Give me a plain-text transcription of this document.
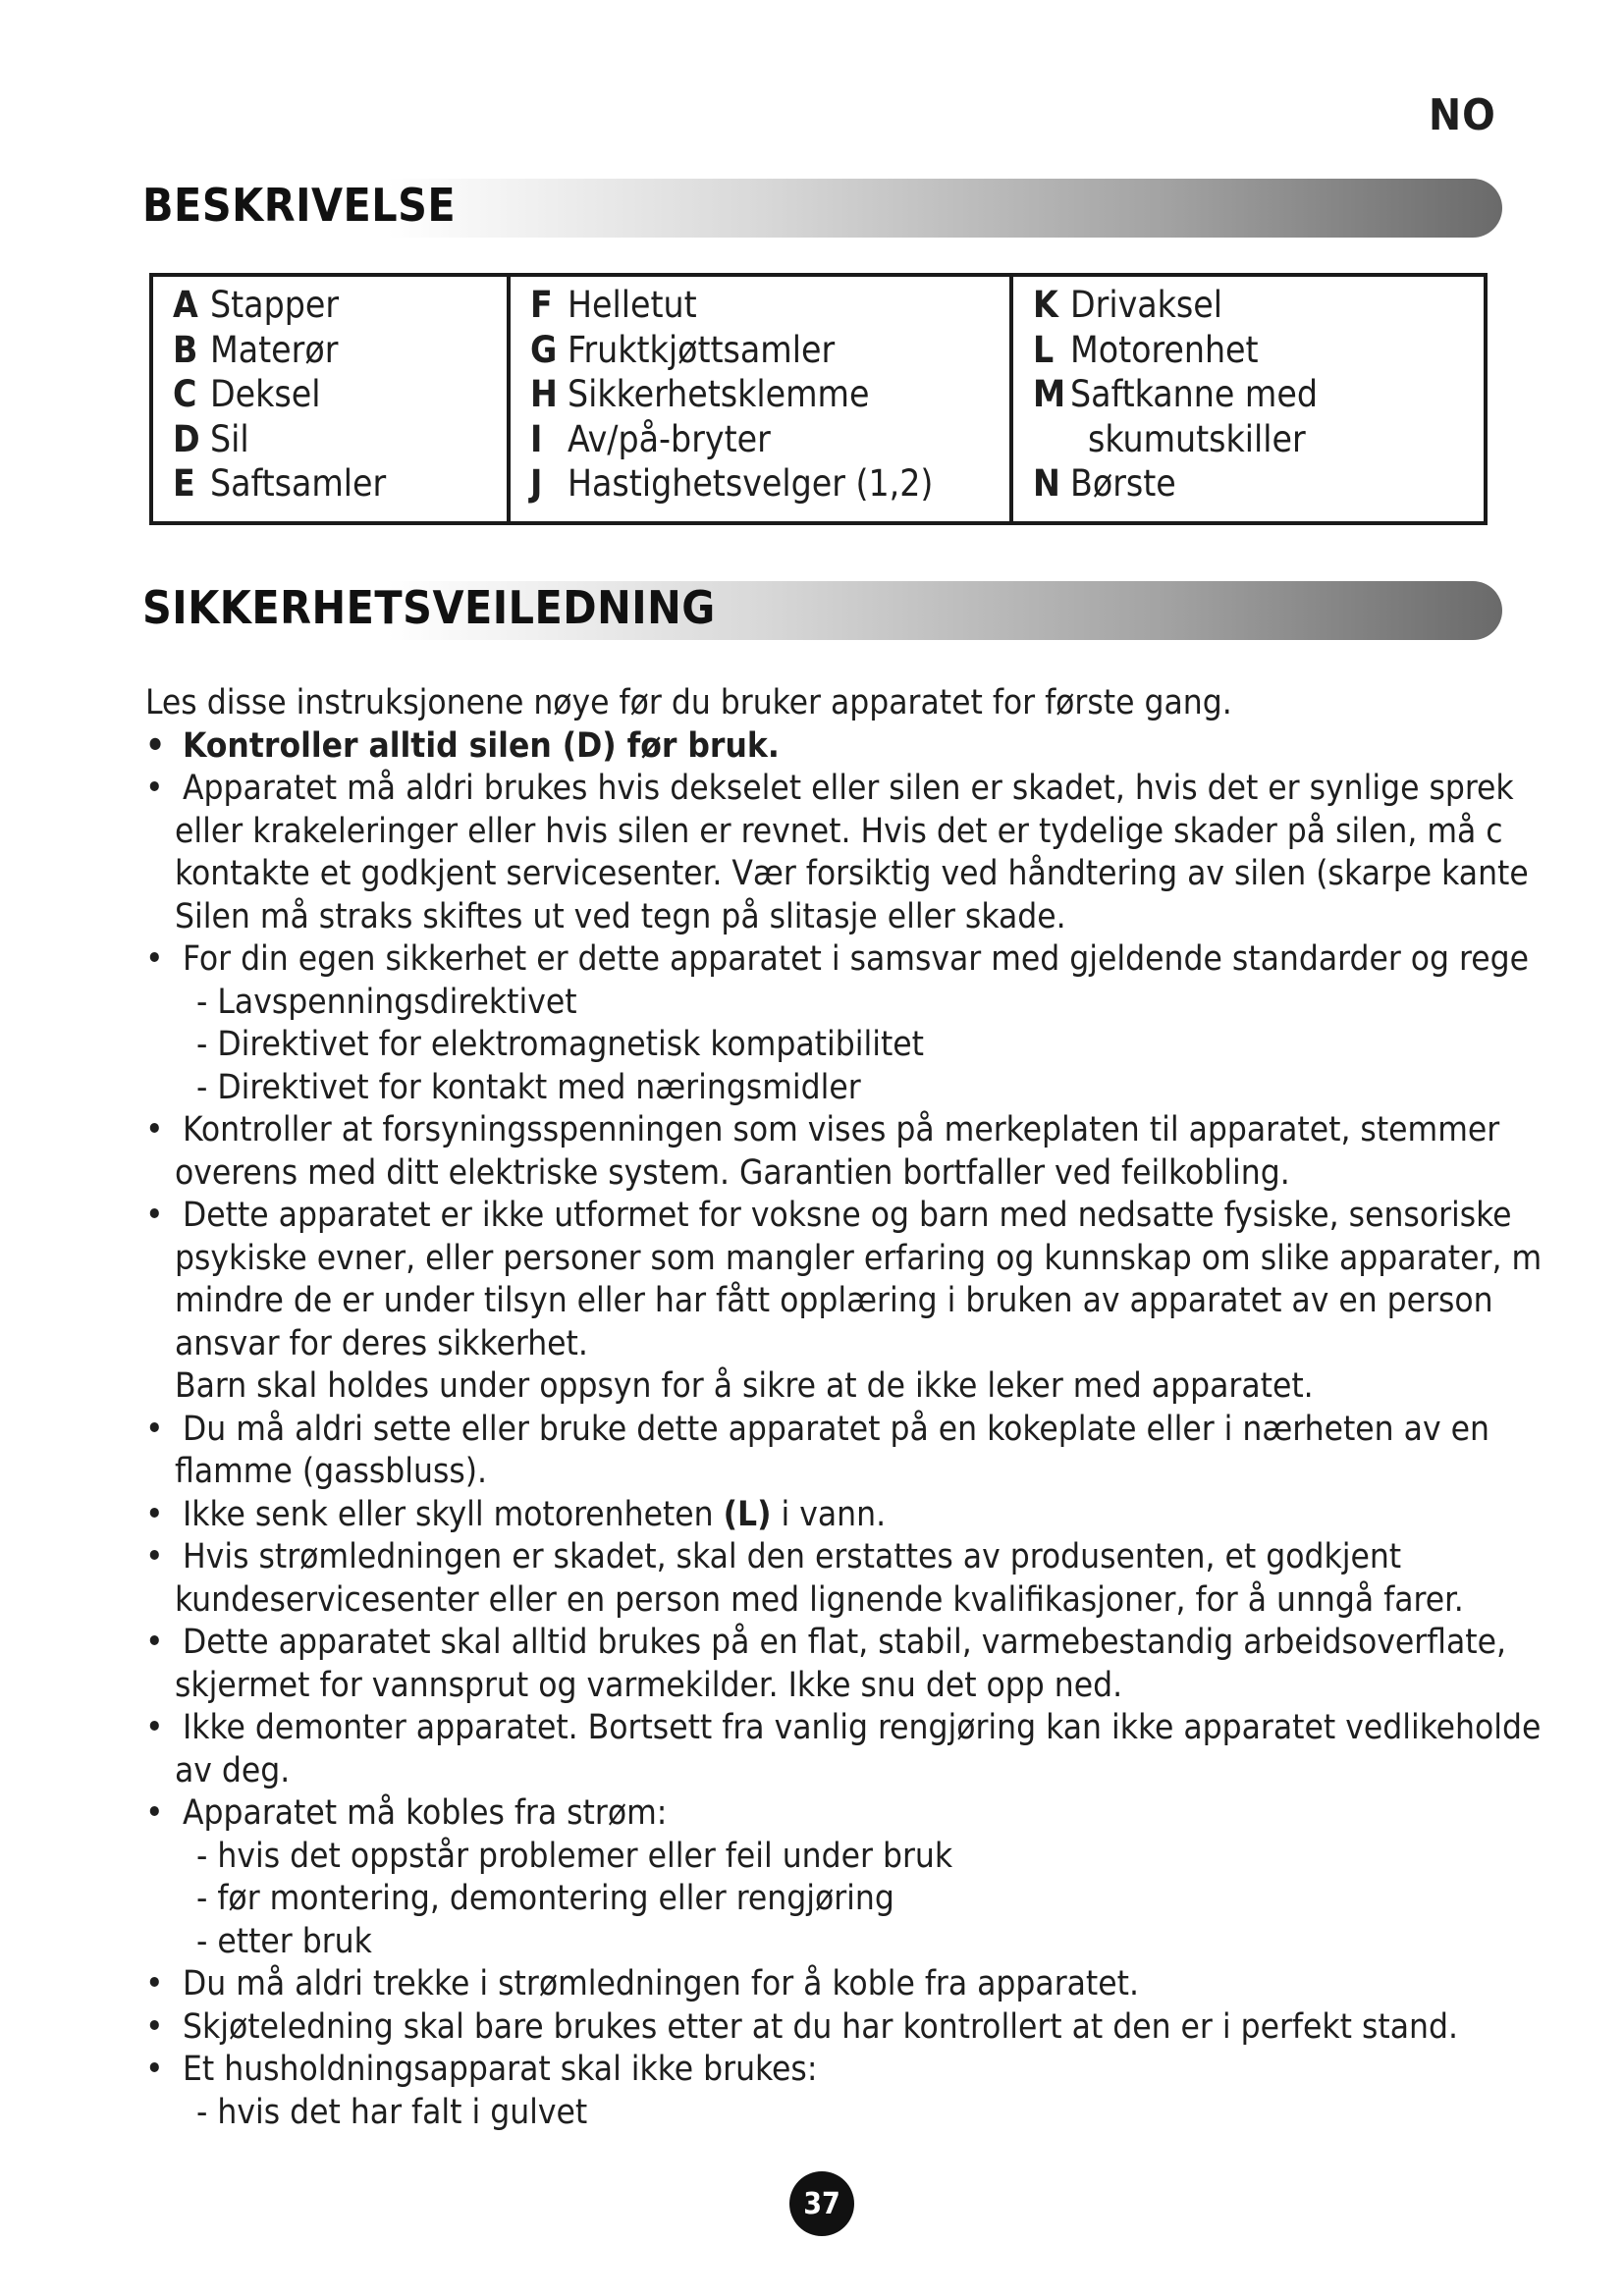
NO
BESKRIVELSE
A Stapper
B Materør
C Deksel
D Sil
E Saftsamler
F Helletut
G Fruktkjøttsamler
H Sikkerhetsklemme
I Av/på-bryter
J Hastighetsvelger (1,2)
K Drivaksel
L Motorenhet
M Saftkanne med
skumutskiller
N Børste
SIKKERHETSVEILEDNING

Les disse instruksjonene nøye før du bruker apparatet for første gang.

• Kontroller alltid silen (D) før bruk.
• Apparatet må aldri brukes hvis dekselet eller silen er skadet, hvis det er synlige sprek
eller krakeleringer eller hvis silen er revnet. Hvis det er tydelige skader på silen, må c
kontakte et godkjent servicesenter. Vær forsiktig ved håndtering av silen (skarpe kante
Silen må straks skiftes ut ved tegn på slitasje eller skade.
• For din egen sikkerhet er dette apparatet i samsvar med gjeldende standarder og rege
- Lavspenningsdirektivet
- Direktivet for elektromagnetisk kompatibilitet
- Direktivet for kontakt med næringsmidler
• Kontroller at forsyningsspenningen som vises på merkeplaten til apparatet, stemmer
overens med ditt elektriske system. Garantien bortfaller ved feilkobling.
• Dette apparatet er ikke utformet for voksne og barn med nedsatte fysiske, sensoriske
psykiske evner, eller personer som mangler erfaring og kunnskap om slike apparater, m
mindre de er under tilsyn eller har fått opplæring i bruken av apparatet av en person
ansvar for deres sikkerhet.
Barn skal holdes under oppsyn for å sikre at de ikke leker med apparatet.
• Du må aldri sette eller bruke dette apparatet på en kokeplate eller i nærheten av en
flamme (gassbluss).
• Ikke senk eller skyll motorenheten (L) i vann.
• Hvis strømledningen er skadet, skal den erstattes av produsenten, et godkjent
kundeservicesenter eller en person med lignende kvalifikasjoner, for å unngå farer.
• Dette apparatet skal alltid brukes på en flat, stabil, varmebestandig arbeidsoverflate,
skjermet for vannsprut og varmekilder. Ikke snu det opp ned.
• Ikke demonter apparatet. Bortsett fra vanlig rengjøring kan ikke apparatet vedlikeholde
av deg.
• Apparatet må kobles fra strøm:
- hvis det oppstår problemer eller feil under bruk
- før montering, demontering eller rengjøring
- etter bruk
• Du må aldri trekke i strømledningen for å koble fra apparatet.
• Skjøteledning skal bare brukes etter at du har kontrollert at den er i perfekt stand.
• Et husholdningsapparat skal ikke brukes:
- hvis det har falt i gulvet
37
